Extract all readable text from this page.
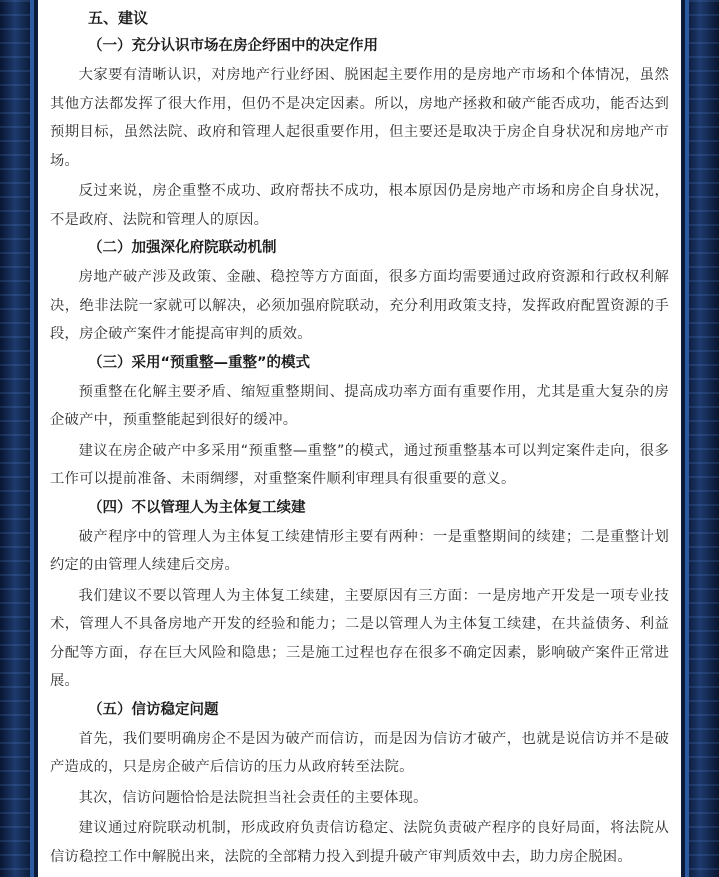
五、建议
（一）充分认识市场在房企纾困中的决定作用

大家要有清晰认识，对房地产行业纾困、脱困起主要作用的是房地产市场和个体情况，虽然其他方法都发挥了很大作用，但仍不是决定因素。所以，房地产拯救和破产能否成功，能否达到预期目标，虽然法院、政府和管理人起很重要作用，但主要还是取决于房企自身状况和房地产市场。

反过来说，房企重整不成功、政府帮扶不成功，根本原因仍是房地产市场和房企自身状况，不是政府、法院和管理人的原因。

（二）加强深化府院联动机制

房地产破产涉及政策、金融、稳控等方方面面，很多方面均需要通过政府资源和行政权利解决，绝非法院一家就可以解决，必须加强府院联动，充分利用政策支持，发挥政府配置资源的手段，房企破产案件才能提高审判的质效。

（三）采用“预重整—重整”的模式

预重整在化解主要矛盾、缩短重整期间、提高成功率方面有重要作用，尤其是重大复杂的房企破产中，预重整能起到很好的缓冲。

建议在房企破产中多采用“预重整—重整”的模式，通过预重整基本可以判定案件走向，很多工作可以提前准备、未雨绸缪，对重整案件顺利审理具有很重要的意义。

（四）不以管理人为主体复工续建

破产程序中的管理人为主体复工续建情形主要有两种：一是重整期间的续建；二是重整计划约定的由管理人续建后交房。

我们建议不要以管理人为主体复工续建，主要原因有三方面：一是房地产开发是一项专业技术，管理人不具备房地产开发的经验和能力；二是以管理人为主体复工续建，在共益债务、利益分配等方面，存在巨大风险和隐患；三是施工过程也存在很多不确定因素，影响破产案件正常进展。

（五）信访稳定问题

首先，我们要明确房企不是因为破产而信访，而是因为信访才破产，也就是说信访并不是破产造成的，只是房企破产后信访的压力从政府转至法院。

其次，信访问题恰恰是法院担当社会责任的主要体现。

建议通过府院联动机制，形成政府负责信访稳定、法院负责破产程序的良好局面，将法院从信访稳控工作中解脱出来，法院的全部精力投入到提升破产审判质效中去，助力房企脱困。
